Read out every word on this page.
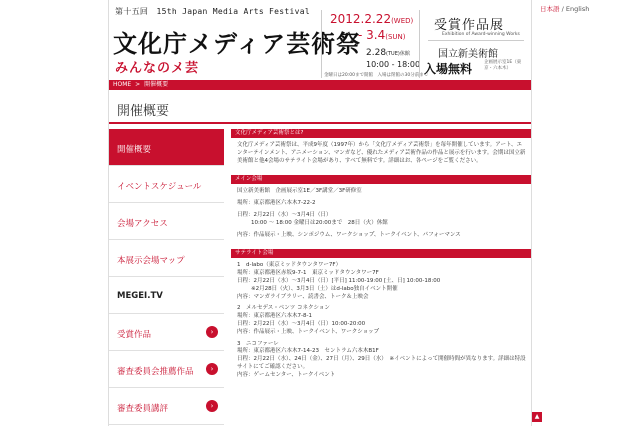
日本語 / English
第十五回　15th Japan Media Arts Festival
文化庁メディア芸術祭
みんなのメ芸
2012.2.22(WED)
- 3.4(SUN)
2.28(TUE)休館
10:00 - 18:00
金曜日は20:00まで開館　入場は閉館の30分前まで
受賞作品展
Exhibition of Award-winning Works
国立新美術館
入場無料	企画展示室1E（東京・六本木）
HOME > 開催概要
開催概要
開催概要
イベントスケジュール
会場アクセス
本展示会場マップ
MEGEI.TV
受賞作品	›
審査委員会推薦作品	›
審査委員講評	›
文化庁メディア芸術祭とは?

文化庁メディア芸術祭は、平成9年度（1997年）から「文化庁メディア芸術祭」を毎年開催しています。アート、エンターテインメント、アニメーション、マンガなど、優れたメディア芸術作品の作品と展示を行います。会期は国立新美術館と他4会場のサテライト会場があり、すべて無料です。詳細はお、各ページをご覧ください。

メイン会場

国立新美術館　企画展示室1E／3F講堂／3F研修室

場所：東京都港区六本木7-22-2

日程：2月22日（水）〜3月4日（日）
10:00 〜 18:00 金曜日は20:00まで　28日（火）休館

内容：作品展示・上映、シンポジウム、ワークショップ、トークイベント、パフォーマンス

サテライト会場

1　d-labo（東京ミッドタウンタワー7F）
場所：東京都港区赤坂9-7-1　東京ミッドタウンタワー7F
日程：2月22日（水）〜3月4日（日）[平日] 11:00-19:00 [土、日] 10:00-18:00
※2月28日（火）、3月3日（土）はd-labo独自イベント開催
内容：マンガライブラリー、読書会、トーク＆上映会

2　メルセデス・ベンツ コネクション
場所：東京都港区六本木7-8-1
日程：2月22日（水）〜3月4日（日）10:00-20:00
内容：作品展示・上映、トークイベント、ワークショップ

3　ニコファーレ
場所：東京都港区六本木7-14-23　セントラム六本木B1F
日程：2月22日（水）、24日（金）、27日（月）、29日（水）　※イベントによって開催時間が異なります。詳細は特設サイトにてご確認ください。
内容：ゲームセンター、トークイベント

▲
